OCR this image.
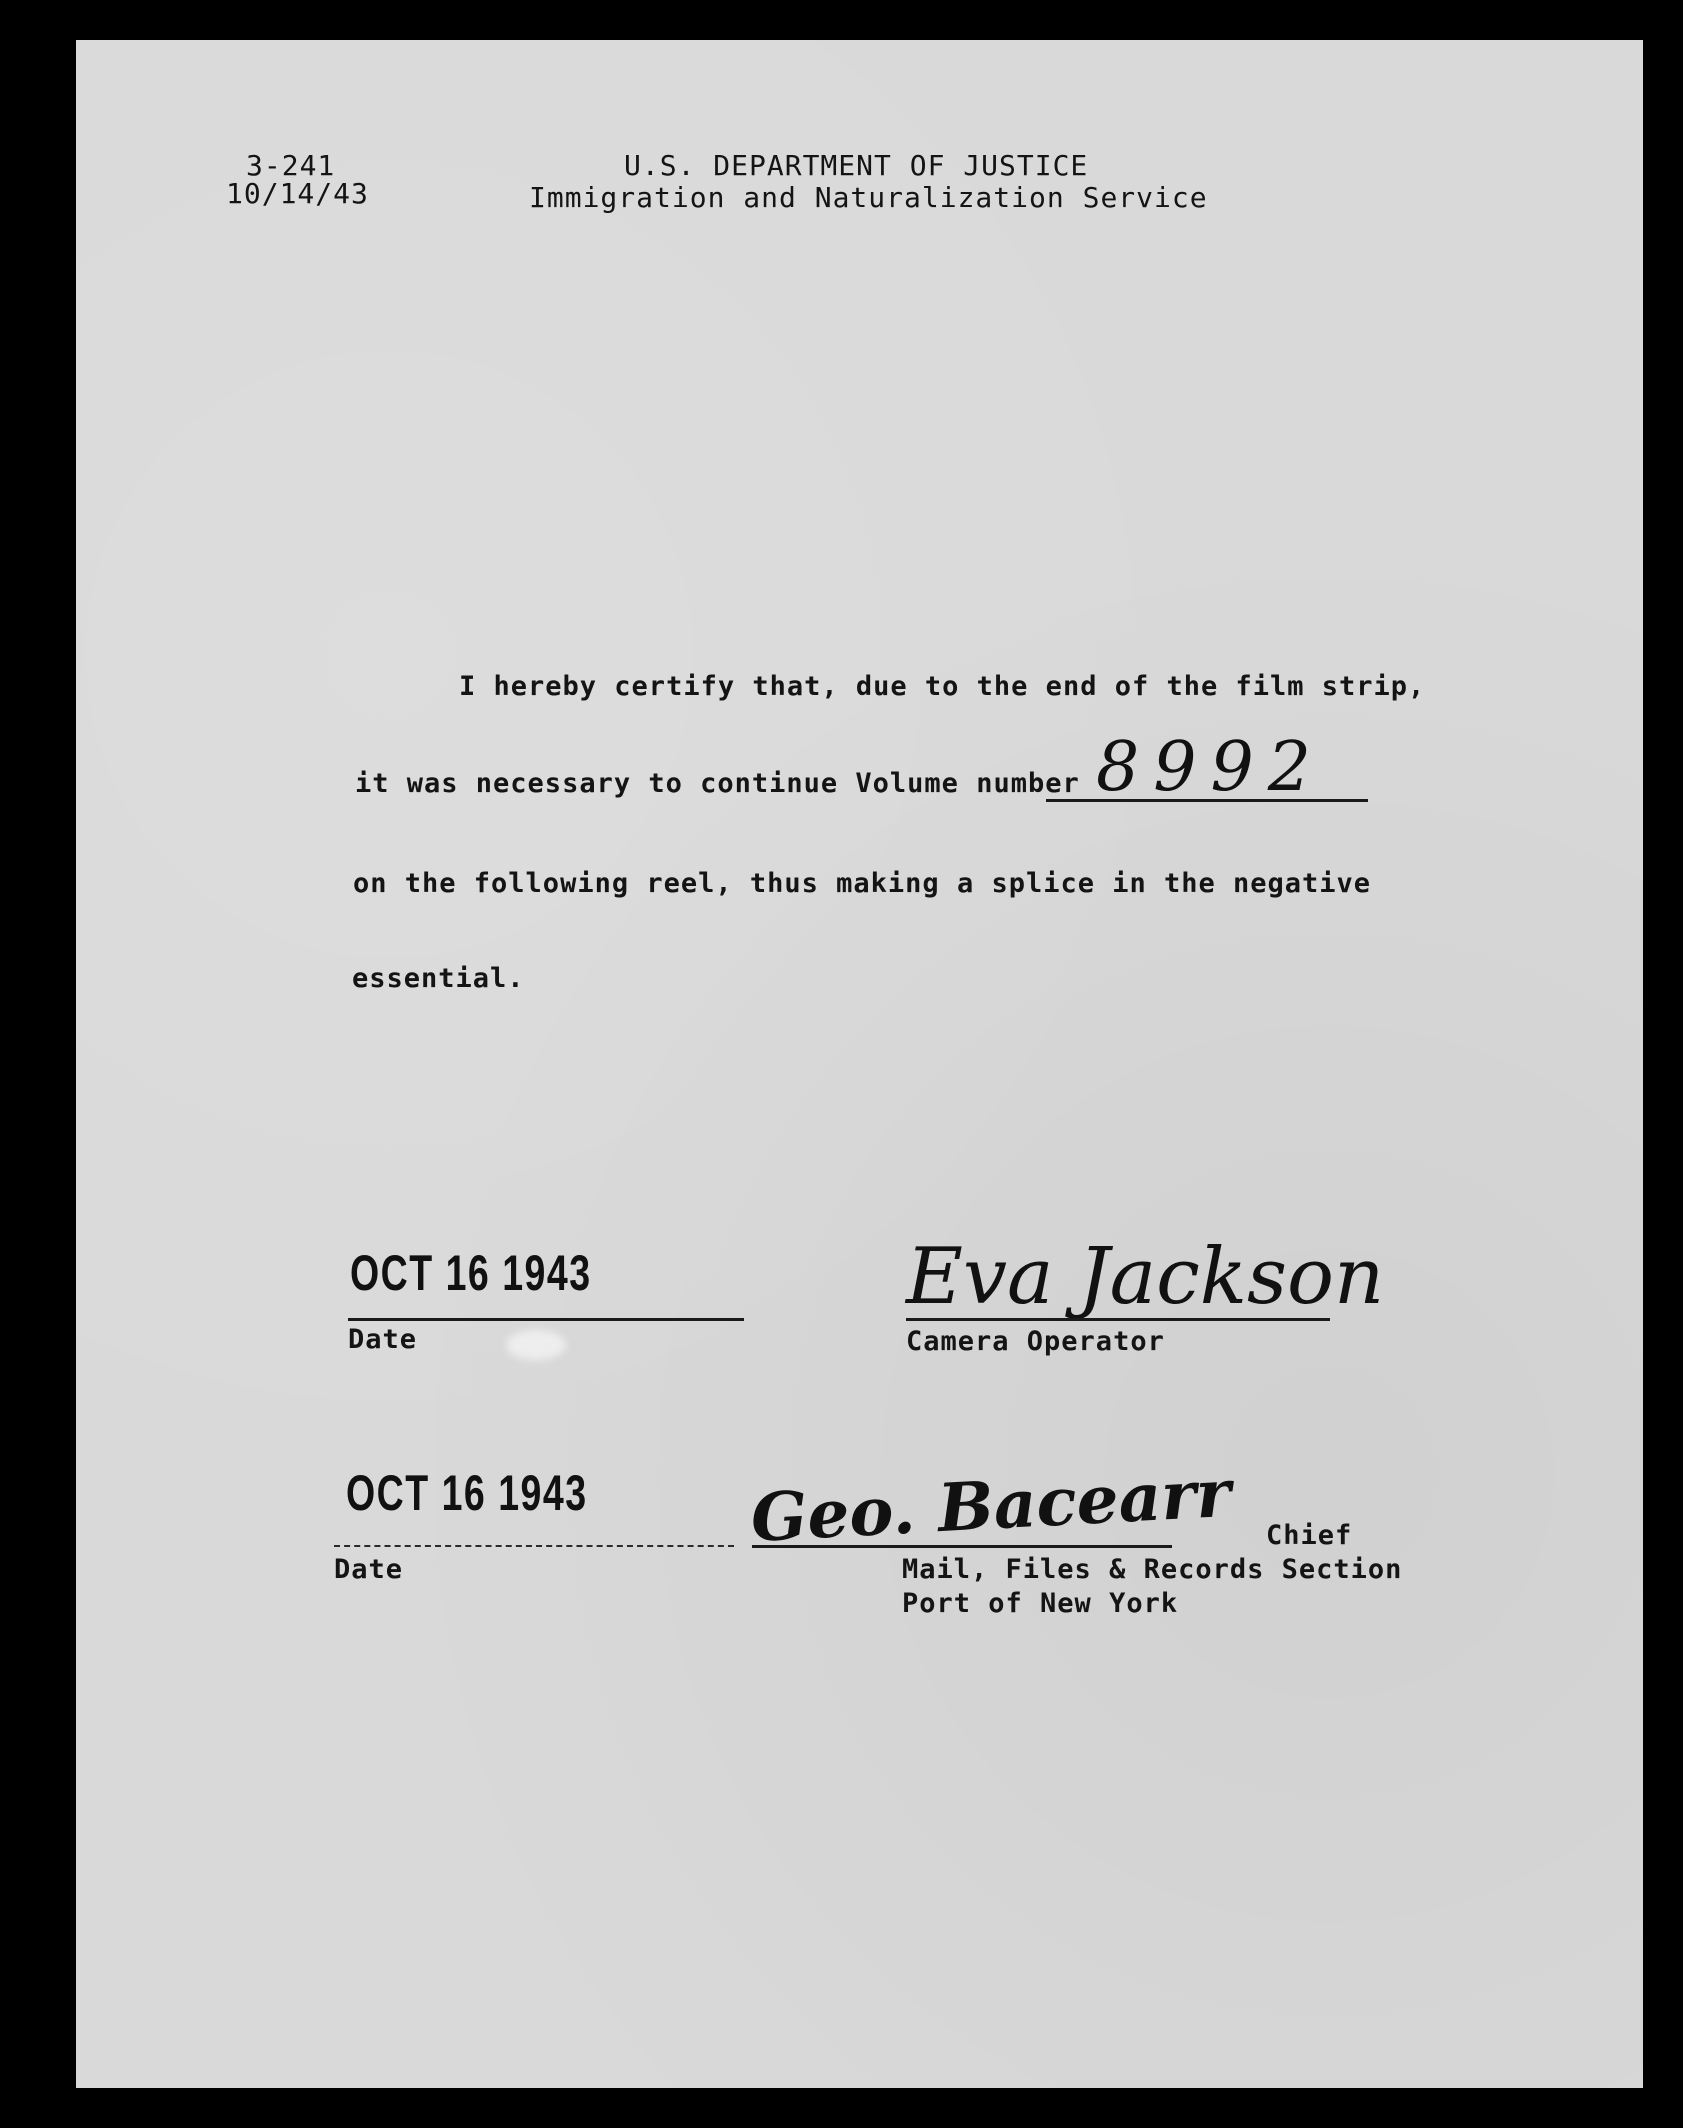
3-241
10/14/43
U.S. DEPARTMENT OF JUSTICE
Immigration and Naturalization Service
I hereby certify that, due to the end of the film strip,
it was necessary to continue Volume number 8992
on the following reel, thus making a splice in the negative
essential.
OCT 16 1943
Date
Eva Jackson
Camera Operator
OCT 16 1943
Date
Geo. Bacearr Chief
Mail, Files & Records Section
Port of New York
